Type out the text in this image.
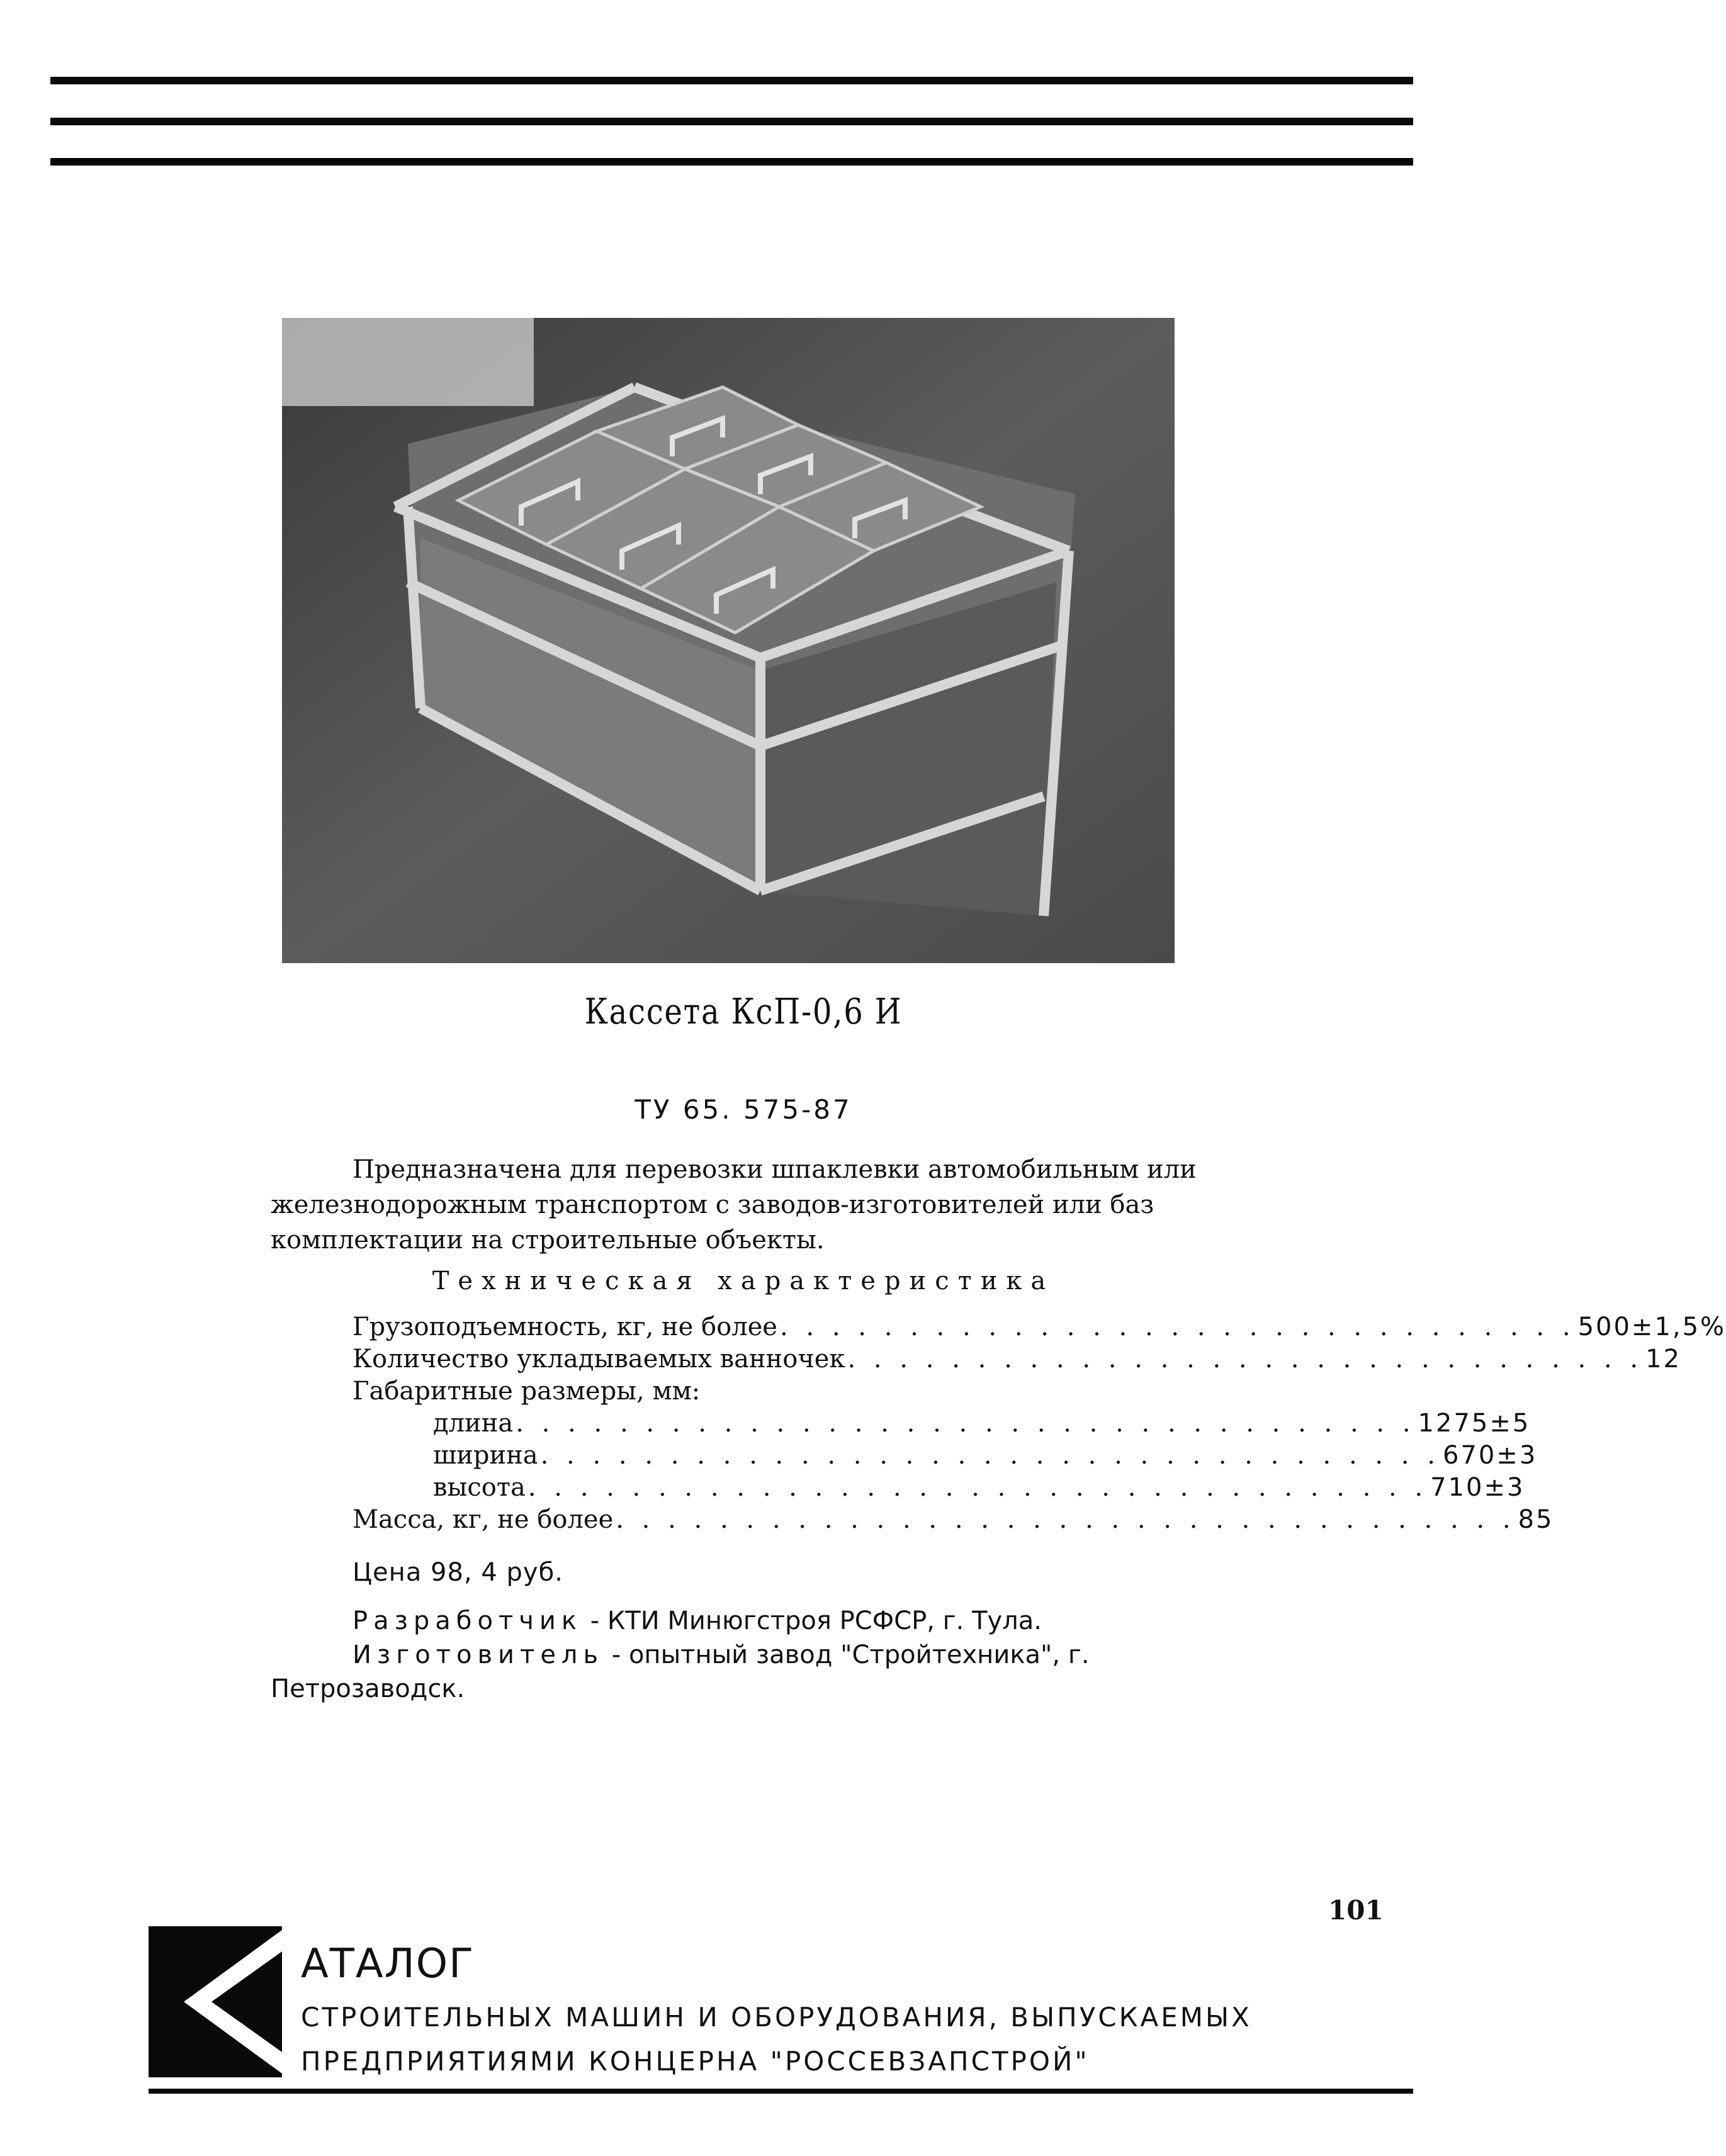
Кассета КсП-0,6 И
ТУ 65. 575-87

Предназначена для перевозки шпаклевки автомобильным или железнодорожным транспортом с заводов-изготовителей или баз комплектации на строительные объекты.

Техническая характеристика
Грузоподъемность, кг, не более . . . . . . . . . . . . . . . . . . . . . . . . . . . . . . . 500±1,5%
Количество укладываемых ванночек . . . . . . . . . . . . . . . . . . . . . . . . . . . . . . . 12
Габаритные размеры, мм:
длина . . . . . . . . . . . . . . . . . . . . . . . . . . . . . . . . . . . 1275±5
ширина . . . . . . . . . . . . . . . . . . . . . . . . . . . . . . . . . . . 670±3
высота . . . . . . . . . . . . . . . . . . . . . . . . . . . . . . . . . . . 710±3
Масса, кг, не более . . . . . . . . . . . . . . . . . . . . . . . . . . . . . . . . . . . 85
Цена 98, 4 руб.

Разработчик - КТИ Минюгстроя РСФСР, г. Тула.

Изготовитель - опытный завод "Стройтехника", г. Петрозаводск.

101
АТАЛОГ
СТРОИТЕЛЬНЫХ МАШИН И ОБОРУДОВАНИЯ, ВЫПУСКАЕМЫХ
ПРЕДПРИЯТИЯМИ КОНЦЕРНА "РОССЕВЗАПСТРОЙ"
